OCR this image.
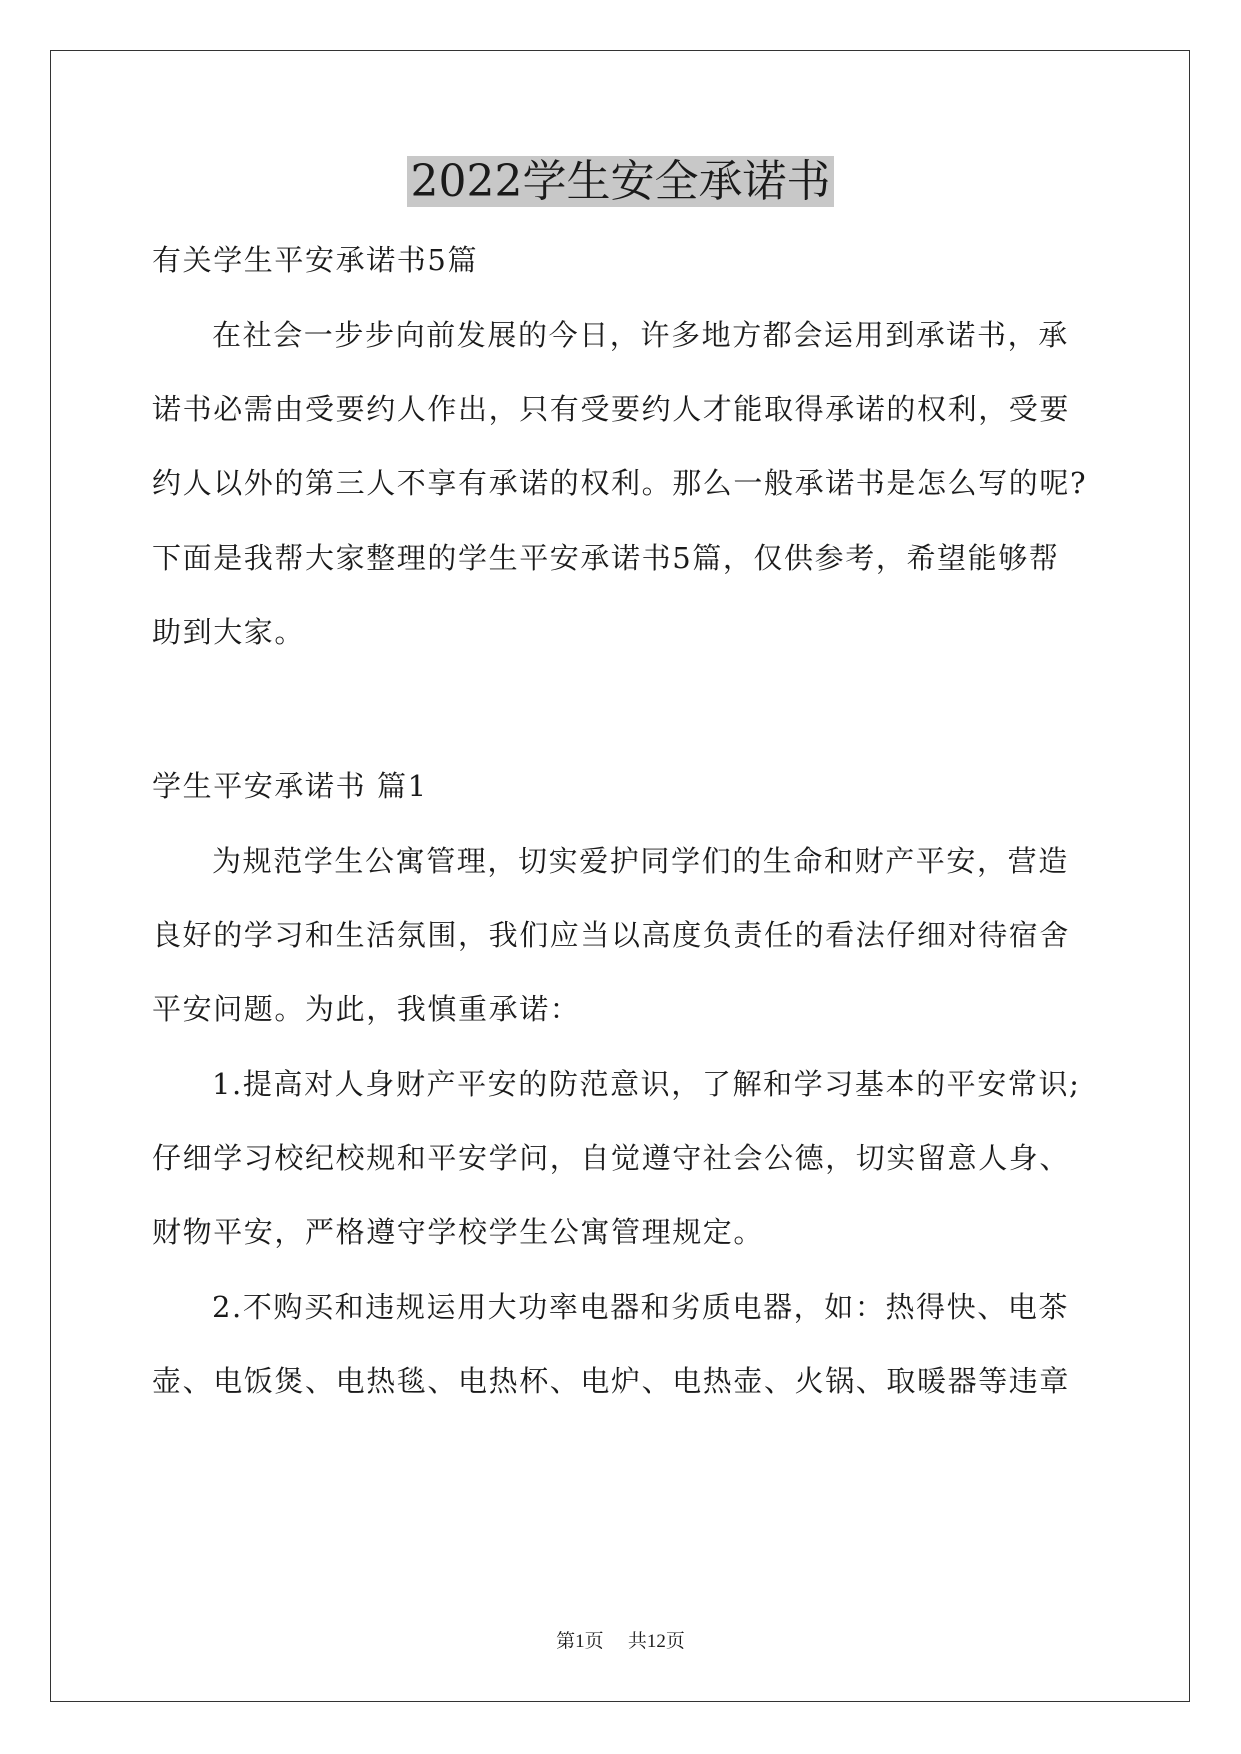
2022学生安全承诺书

有关学生平安承诺书5篇

在社会一步步向前发展的今日，许多地方都会运用到承诺书，承

诺书必需由受要约人作出，只有受要约人才能取得承诺的权利，受要

约人以外的第三人不享有承诺的权利。那么一般承诺书是怎么写的呢?

下面是我帮大家整理的学生平安承诺书5篇，仅供参考，希望能够帮

助到大家。

学生平安承诺书 篇1

为规范学生公寓管理，切实爱护同学们的生命和财产平安，营造

良好的学习和生活氛围，我们应当以高度负责任的看法仔细对待宿舍

平安问题。为此，我慎重承诺：

1.提高对人身财产平安的防范意识，了解和学习基本的平安常识;

仔细学习校纪校规和平安学问，自觉遵守社会公德，切实留意人身、

财物平安，严格遵守学校学生公寓管理规定。

2.不购买和违规运用大功率电器和劣质电器，如：热得快、电茶

壶、电饭煲、电热毯、电热杯、电炉、电热壶、火锅、取暖器等违章

第1页 共12页
